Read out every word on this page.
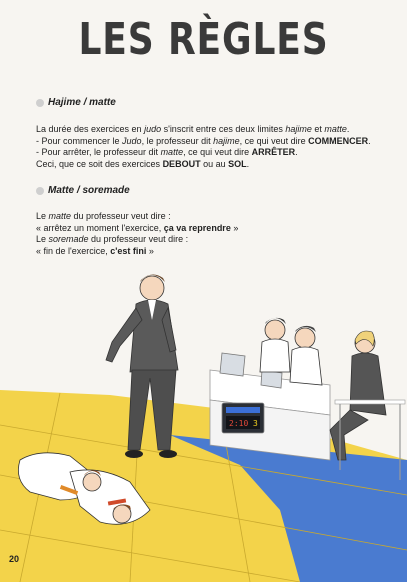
LES RÈGLES
Hajime / matte
La durée des exercices en judo s'inscrit entre ces deux limites hajime et matte.
- Pour commencer le Judo, le professeur dit hajime, ce qui veut dire COMMENCER.
- Pour arrêter, le professeur dit matte, ce qui veut dire ARRÊTER.
Ceci, que ce soit des exercices DEBOUT ou au SOL.
Matte / soremade
Le matte du professeur veut dire :
« arrêtez un moment l'exercice, ça va reprendre »
Le soremade du professeur veut dire :
« fin de l'exercice, c'est fini »
2:10 3
20
